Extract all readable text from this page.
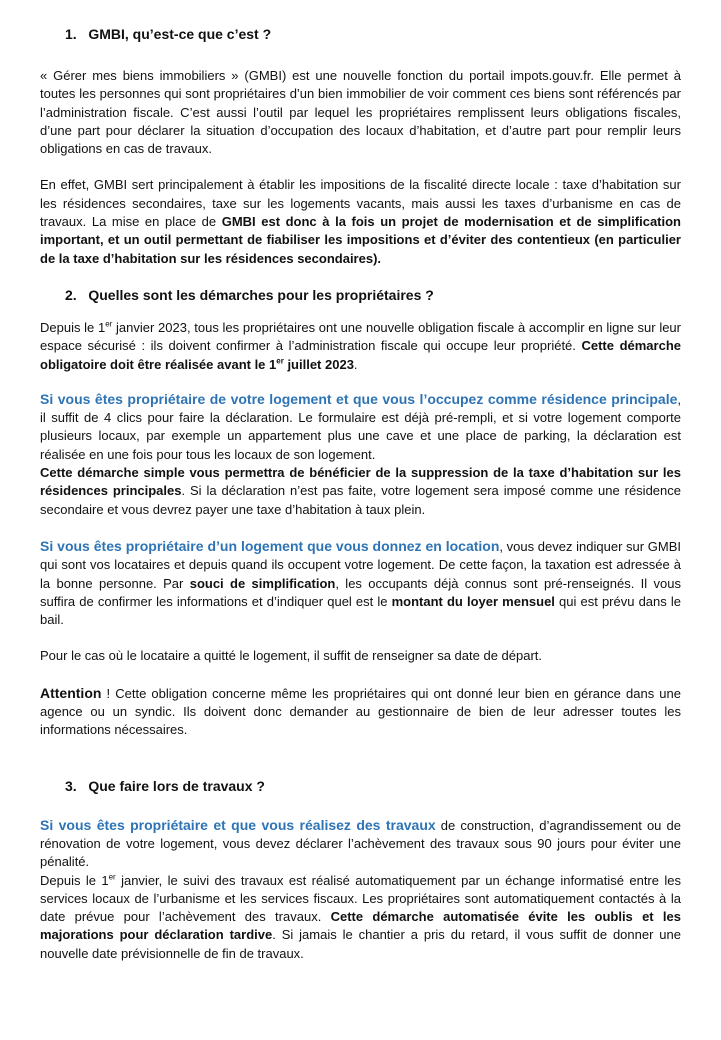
1.   GMBI, qu’est-ce que c’est ?

« Gérer mes biens immobiliers » (GMBI) est une nouvelle fonction du portail impots.gouv.fr. Elle permet à toutes les personnes qui sont propriétaires d’un bien immobilier de voir comment ces biens sont référencés par l’administration fiscale. C’est aussi l’outil par lequel les propriétaires remplissent leurs obligations fiscales, d’une part pour déclarer la situation d’occupation des locaux d’habitation, et d’autre part pour remplir leurs obligations en cas de travaux.

En effet, GMBI sert principalement à établir les impositions de la fiscalité directe locale : taxe d’habitation sur les résidences secondaires, taxe sur les logements vacants, mais aussi les taxes d’urbanisme en cas de travaux. La mise en place de GMBI est donc à la fois un projet de modernisation et de simplification important, et un outil permettant de fiabiliser les impositions et d’éviter des contentieux (en particulier de la taxe d’habitation sur les résidences secondaires).

2.   Quelles sont les démarches pour les propriétaires ?

Depuis le 1er janvier 2023, tous les propriétaires ont une nouvelle obligation fiscale à accomplir en ligne sur leur espace sécurisé : ils doivent confirmer à l’administration fiscale qui occupe leur propriété. Cette démarche obligatoire doit être réalisée avant le 1er juillet 2023.

Si vous êtes propriétaire de votre logement et que vous l’occupez comme résidence principale, il suffit de 4 clics pour faire la déclaration. Le formulaire est déjà pré-rempli, et si votre logement comporte plusieurs locaux, par exemple un appartement plus une cave et une place de parking, la déclaration est réalisée en une fois pour tous les locaux de son logement.

Cette démarche simple vous permettra de bénéficier de la suppression de la taxe d’habitation sur les résidences principales. Si la déclaration n’est pas faite, votre logement sera imposé comme une résidence secondaire et vous devrez payer une taxe d’habitation à taux plein.

Si vous êtes propriétaire d’un logement que vous donnez en location, vous devez indiquer sur GMBI qui sont vos locataires et depuis quand ils occupent votre logement. De cette façon, la taxation est adressée à la bonne personne. Par souci de simplification, les occupants déjà connus sont pré-renseignés. Il vous suffira de confirmer les informations et d’indiquer quel est le montant du loyer mensuel qui est prévu dans le bail.

Pour le cas où le locataire a quitté le logement, il suffit de renseigner sa date de départ.

Attention ! Cette obligation concerne même les propriétaires qui ont donné leur bien en gérance dans une agence ou un syndic. Ils doivent donc demander au gestionnaire de bien de leur adresser toutes les informations nécessaires.

3.   Que faire lors de travaux ?

Si vous êtes propriétaire et que vous réalisez des travaux de construction, d’agrandissement ou de rénovation de votre logement, vous devez déclarer l’achèvement des travaux sous 90 jours pour éviter une pénalité.

Depuis le 1er janvier, le suivi des travaux est réalisé automatiquement par un échange informatisé entre les services locaux de l’urbanisme et les services fiscaux. Les propriétaires sont automatiquement contactés à la date prévue pour l’achèvement des travaux. Cette démarche automatisée évite les oublis et les majorations pour déclaration tardive. Si jamais le chantier a pris du retard, il vous suffit de donner une nouvelle date prévisionnelle de fin de travaux.
